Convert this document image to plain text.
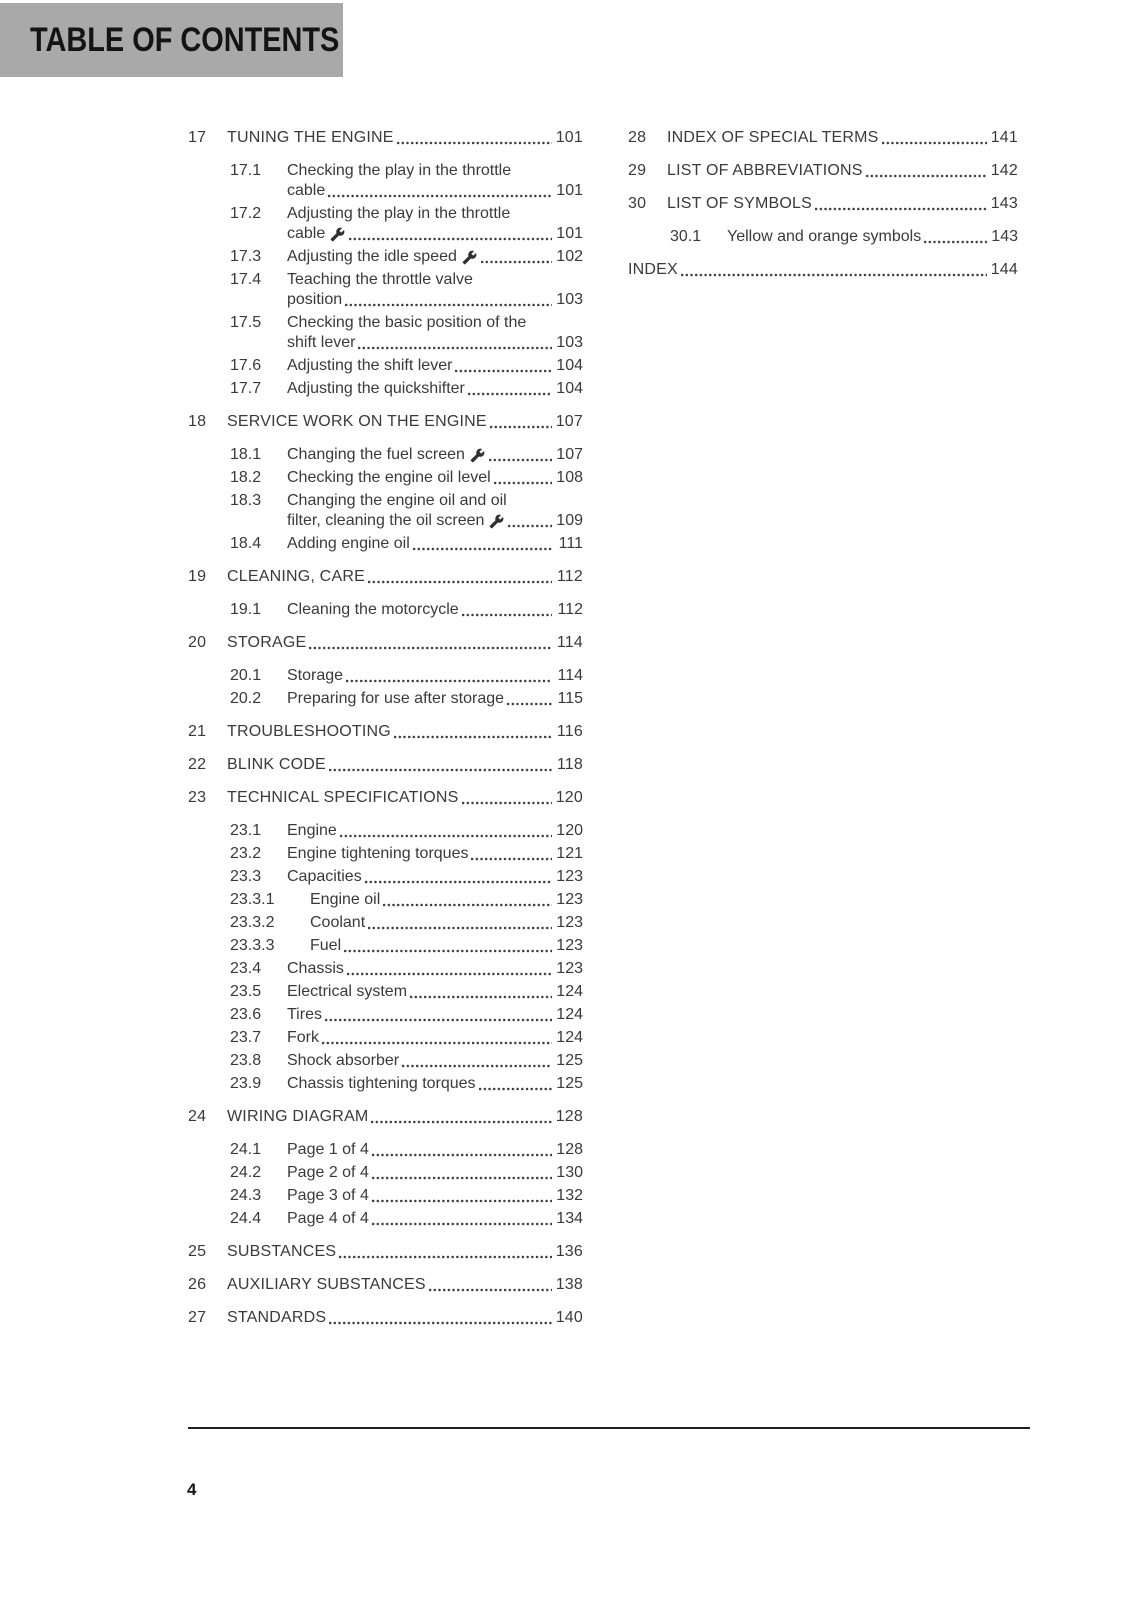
TABLE OF CONTENTS
17	TUNING THE ENGINE	101
17.1	Checking the play in the throttle
cable	101
17.2	Adjusting the play in the throttle
cable	101
17.3	Adjusting the idle speed	102
17.4	Teaching the throttle valve
position	103
17.5	Checking the basic position of the
shift lever	103
17.6	Adjusting the shift lever	104
17.7	Adjusting the quickshifter	104
18	SERVICE WORK ON THE ENGINE	107
18.1	Changing the fuel screen	107
18.2	Checking the engine oil level	108
18.3	Changing the engine oil and oil
filter, cleaning the oil screen	109
18.4	Adding engine oil	111
19	CLEANING, CARE	112
19.1	Cleaning the motorcycle	112
20	STORAGE	114
20.1	Storage	114
20.2	Preparing for use after storage	115
21	TROUBLESHOOTING	116
22	BLINK CODE	118
23	TECHNICAL SPECIFICATIONS	120
23.1	Engine	120
23.2	Engine tightening torques	121
23.3	Capacities	123
23.3.1	Engine oil	123
23.3.2	Coolant	123
23.3.3	Fuel	123
23.4	Chassis	123
23.5	Electrical system	124
23.6	Tires	124
23.7	Fork	124
23.8	Shock absorber	125
23.9	Chassis tightening torques	125
24	WIRING DIAGRAM	128
24.1	Page 1 of 4	128
24.2	Page 2 of 4	130
24.3	Page 3 of 4	132
24.4	Page 4 of 4	134
25	SUBSTANCES	136
26	AUXILIARY SUBSTANCES	138
27	STANDARDS	140
28	INDEX OF SPECIAL TERMS	141
29	LIST OF ABBREVIATIONS	142
30	LIST OF SYMBOLS	143
30.1	Yellow and orange symbols	143
INDEX	144
4
